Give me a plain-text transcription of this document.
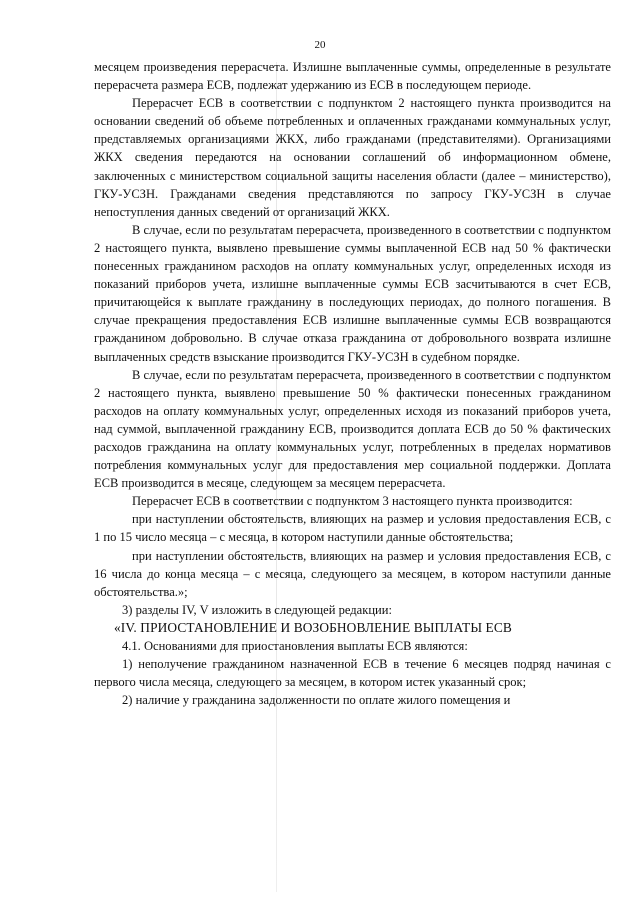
20

месяцем произведения перерасчета. Излишне выплаченные суммы, определенные в результате перерасчета размера ЕСВ, подлежат удержанию из ЕСВ в последующем периоде.

Перерасчет ЕСВ в соответствии с подпунктом 2 настоящего пункта производится на основании сведений об объеме потребленных и оплаченных гражданами коммунальных услуг, представляемых организациями ЖКХ, либо гражданами (представителями). Организациями ЖКХ сведения передаются на основании соглашений об информационном обмене, заключенных с министерством социальной защиты населения области (далее – министерство), ГКУ-УСЗН. Гражданами сведения представляются по запросу ГКУ-УСЗН в случае непоступления данных сведений от организаций ЖКХ.

В случае, если по результатам перерасчета, произведенного в соответствии с подпунктом 2 настоящего пункта, выявлено превышение суммы выплаченной ЕСВ над 50 % фактически понесенных гражданином расходов на оплату коммунальных услуг, определенных исходя из показаний приборов учета, излишне выплаченные суммы ЕСВ засчитываются в счет ЕСВ, причитающейся к выплате гражданину в последующих периодах, до полного погашения. В случае прекращения предоставления ЕСВ излишне выплаченные суммы ЕСВ возвращаются гражданином добровольно. В случае отказа гражданина от добровольного возврата излишне выплаченных средств взыскание производится ГКУ-УСЗН в судебном порядке.

В случае, если по результатам перерасчета, произведенного в соответствии с подпунктом 2 настоящего пункта, выявлено превышение 50 % фактически понесенных гражданином расходов на оплату коммунальных услуг, определенных исходя из показаний приборов учета, над суммой, выплаченной гражданину ЕСВ, производится доплата ЕСВ до 50 % фактических расходов гражданина на оплату коммунальных услуг, потребленных в пределах нормативов потребления коммунальных услуг для предоставления мер социальной поддержки. Доплата ЕСВ производится в месяце, следующем за месяцем перерасчета.

Перерасчет ЕСВ в соответствии с подпунктом 3 настоящего пункта производится:

при наступлении обстоятельств, влияющих на размер и условия предоставления ЕСВ, с 1 по 15 число месяца – с месяца, в котором наступили данные обстоятельства;

при наступлении обстоятельств, влияющих на размер и условия предоставления ЕСВ, с 16 числа до конца месяца – с месяца, следующего за месяцем, в котором наступили данные обстоятельства.»;

3) разделы IV, V изложить в следующей редакции:

«IV. ПРИОСТАНОВЛЕНИЕ И ВОЗОБНОВЛЕНИЕ ВЫПЛАТЫ ЕСВ

4.1. Основаниями для приостановления выплаты ЕСВ являются:

1) неполучение гражданином назначенной ЕСВ в течение 6 месяцев подряд начиная с первого числа месяца, следующего за месяцем, в котором истек указанный срок;

2) наличие у гражданина задолженности по оплате жилого помещения и
